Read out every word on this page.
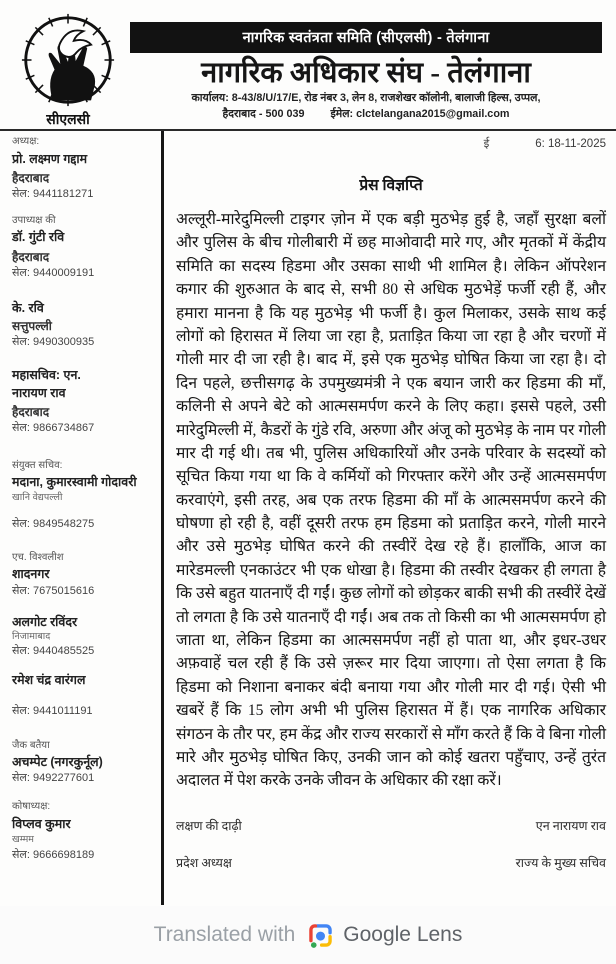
सीएलसी
नागरिक स्वतंत्रता समिति (सीएलसी) - तेलंगाना
नागरिक अधिकार संघ - तेलंगाना
कार्यालय: 8-43/8/U/17/E, रोड नंबर 3, लेन 8, राजशेखर कॉलोनी, बालाजी हिल्स, उप्पल,
हैदराबाद - 500 039 ईमेल: clctelangana2015@gmail.com
अध्यक्ष:
प्रो. लक्ष्मण गद्दाम
हैदराबाद
सेल: 9441181271
उपाध्यक्ष की
डॉ. गुंटी रवि
हैदराबाद
सेल: 9440009191
के. रवि
सत्तुपल्ली
सेल: 9490300935
महासचिव: एन.
नारायण राव
हैदराबाद
सेल: 9866734867
संयुक्त सचिव:
मदाना, कुमारस्वामी गोदावरी
खानि वेद्यपल्ली
सेल: 9849548275
एच. विश्वलीश
शादनगर
सेल: 7675015616
अलगोट रविंदर
निजामाबाद
सेल: 9440485525
रमेश चंद्र वारंगल
सेल: 9441011191
जैक बतैया
अचम्पेट (नगरकुर्नूल)
सेल: 9492277601
कोषाध्यक्ष:
विप्लव कुमार
खम्मम
सेल: 9666698189
ई	6: 18-11-2025
प्रेस विज्ञप्ति

अल्लूरी-मारेदुमिल्ली टाइगर ज़ोन में एक बड़ी मुठभेड़ हुई है, जहाँ सुरक्षा बलों और पुलिस के बीच गोलीबारी में छह माओवादी मारे गए, और मृतकों में केंद्रीय समिति का सदस्य हिडमा और उसका साथी भी शामिल है। लेकिन ऑपरेशन कगार की शुरुआत के बाद से, सभी 80 से अधिक मुठभेड़ें फर्जी रही हैं, और हमारा मानना है कि यह मुठभेड़ भी फर्जी है। कुल मिलाकर, उसके साथ कई लोगों को हिरासत में लिया जा रहा है, प्रताड़ित किया जा रहा है और चरणों में गोली मार दी जा रही है। बाद में, इसे एक मुठभेड़ घोषित किया जा रहा है। दो दिन पहले, छत्तीसगढ़ के उपमुख्यमंत्री ने एक बयान जारी कर हिडमा की माँ, कलिनी से अपने बेटे को आत्मसमर्पण करने के लिए कहा। इससे पहले, उसी मारेदुमिल्ली में, कैडरों के गुंडे रवि, अरुणा और अंजू को मुठभेड़ के नाम पर गोली मार दी गई थी। तब भी, पुलिस अधिकारियों और उनके परिवार के सदस्यों को सूचित किया गया था कि वे कर्मियों को गिरफ्तार करेंगे और उन्हें आत्मसमर्पण करवाएंगे, इसी तरह, अब एक तरफ हिडमा की माँ के आत्मसमर्पण करने की घोषणा हो रही है, वहीं दूसरी तरफ हम हिडमा को प्रताड़ित करने, गोली मारने और उसे मुठभेड़ घोषित करने की तस्वीरें देख रहे हैं। हालाँकि, आज का मारेडमल्ली एनकाउंटर भी एक धोखा है। हिडमा की तस्वीर देखकर ही लगता है कि उसे बहुत यातनाएँ दी गईं। कुछ लोगों को छोड़कर बाकी सभी की तस्वीरें देखें तो लगता है कि उसे यातनाएँ दी गईं। अब तक तो किसी का भी आत्मसमर्पण हो जाता था, लेकिन हिडमा का आत्मसमर्पण नहीं हो पाता था, और इधर-उधर अफ़वाहें चल रही हैं कि उसे ज़रूर मार दिया जाएगा। तो ऐसा लगता है कि हिडमा को निशाना बनाकर बंदी बनाया गया और गोली मार दी गई। ऐसी भी खबरें हैं कि 15 लोग अभी भी पुलिस हिरासत में हैं। एक नागरिक अधिकार संगठन के तौर पर, हम केंद्र और राज्य सरकारों से माँग करते हैं कि वे बिना गोली मारे और मुठभेड़ घोषित किए, उनकी जान को कोई खतरा पहुँचाए, उन्हें तुरंत अदालत में पेश करके उनके जीवन के अधिकार की रक्षा करें।

लक्षण की दाढ़ी
प्रदेश अध्यक्ष
एन नारायण राव
राज्य के मुख्य सचिव
Translated with Google Lens
